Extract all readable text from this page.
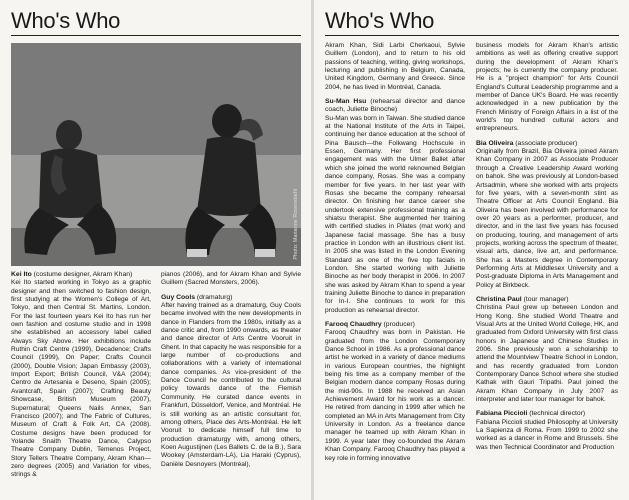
Who's Who
Photo: Marianne Rosenstiehl
Kei Ito (costume designer, Akram Khan)

Kei Ito started working in Tokyo as a graphic designer and then switched to fashion design, first studying at the Women's College of Art, Tokyo, and then Central St. Martins, London. For the last fourteen years Kei Ito has run her own fashion and costume studio and in 1998 she established an accessory label called Always Sky Above. Her exhibitions include Ruthin Craft Centre (1999), Decadence; Crafts Council (1999), On Paper; Crafts Council (2000), Double Vision; Japan Embassy (2003), Import Export; British Council, V&A (2004); Centro de Artesania e Deseno, Spain (2005); Avantcraft, Spain (2007); Crafting Beauty Showcase, British Museum (2007), Supernatural; Queens Nails Annex, San Francisco (2007); and The Fabric of Cultures, Museum of Craft & Folk Art, CA (2008). Costume designs have been produced for Yolande Snaith Theatre Dance, Calypso Theatre Company Dublin, Temenos Project, Story Tellers Theatre Company, Akram Khan—zero degrees (2005) and Variation for vibes, strings &

pianos (2006), and for Akram Khan and Sylvie Guillem (Sacred Monsters, 2006).

Guy Cools (dramaturg)

After having trained as a dramaturg, Guy Cools became involved with the new developments in dance in Flanders from the 1980s, initially as a dance critic and, from 1990 onwards, as theater and dance director of Arts Centre Vooruit in Ghent. In that capacity he was responsible for a large number of co-productions and collaborations with a variety of international dance companies. As vice-president of the Dance Council he contributed to the cultural policy towards dance of the Flemish Community. He curated dance events in Frankfurt, Düsseldorf, Venice, and Montréal. He is still working as an artistic consultant for, among others, Place des Arts-Montréal. He left Vooruit to dedicate himself full time to production dramaturgy with, among others, Koen Augustijnen (Les Ballets C. de la B.), Sara Wookey (Amsterdam-LA), Lia Haraki (Cyprus), Danièle Desnoyers (Montréal),

Who's Who

Akram Khan, Sidi Larbi Cherkaoui, Sylvie Guillem (London), and to return to his old passions of teaching, writing, giving workshops, lecturing and publishing in Belgium, Canada, United Kingdom, Germany and Greece. Since 2004, he has lived in Montréal, Canada.

Su-Man Hsu (rehearsal director and dance coach, Juliette Binoche)

Su-Man was born in Taiwan. She studied dance at the National Institute of the Arts in Taipei, continuing her dance education at the school of Pina Bausch—the Folkwang Hochscule in Essen, Germany. Her first professional engagement was with the Ulmer Ballet after which she joined the world reknowned Belgian dance company, Rosas. She was a company member for five years. In her last year with Rosas she became the company rehearsal director. On finishing her dance career she undertook extensive professional training as a shiatsu therapist. She augmented her training with certified studies in Pilates (mat work) and Japanese facial massage. She has a busy practice in London with an illustrious client list. In 2005 she was listed in the London Evening Standard as one of the five top facials in London. She started working with Juliette Binoche as her body therapist in 2006. In 2007 she was asked by Akram Khan to spend a year training Juliette Binoche to dance in preparation for In-I. She continues to work for this production as rehearsal director.

Farooq Chaudhry (producer)

Farooq Chaudhry was born in Pakistan. He graduated from the London Contemporary Dance School in 1986. As a professional dance artist he worked in a variety of dance mediums in various European countries, the highlight being his time as a company member of the Belgian modern dance company Rosas during the mid-90s. In 1988 he received an Asian Achievement Award for his work as a dancer. He retired from dancing in 1999 after which he completed an MA in Arts Management from City University in London. As a freelance dance manager he teamed up with Akram Khan in 1999. A year later they co-founded the Akram Khan Company. Farooq Chaudhry has played a key role in forming innovative

business models for Akram Khan's artistic ambitions as well as offering creative support during the development of Akram Khan's projects; he is currently the company producer. He is a "project champion" for Arts Council England's Cultural Leadership programme and a member of Dance UK's Board. He was recently acknowledged in a new publication by the French Ministry of Foreign Affairs in a list of the world's top hundred cultural actors and entrepreneurs.

Bia Oliveira (associate producer)

Originally from Brazil, Bia Oliveira joined Akram Khan Company in 2007 as Associate Producer through a Creative Leadership Award working on bahok. She was previously at London-based Artsadmin, where she worked with arts projects for five years, with a seven-month stint as Theatre Officer at Arts Council England. Bia Oliveira has been involved with performance for over 20 years as a performer, producer, and director, and in the last five years has focused on producing, touring, and management of arts projects, working across the spectrum of theater, visual arts, dance, live art, and performance. She has a Masters degree in Contemporary Performing Arts at Middlesex University and a Post-graduate Diploma in Arts Management and Policy at Birkbeck.

Christina Paul (tour manager)

Christina Paul grew up between London and Hong Kong. She studied World Theatre and Visual Arts at the United World College, HK, and graduated from Oxford University with first class honors in Japanese and Chinese Studies in 2006. She previously won a scholarship to attend the Mountview Theatre School in London, and has recently graduated from London Contemporary Dance School where she studied Kathak with Gauri Tripathi. Paul joined the Akram Khan Company in July 2007 as interpreter and later tour manager for bahok.

Fabiana Piccioli (technical director)

Fabiana Piccioli studied Philosophy at University La Sapienza di Roma. From 1999 to 2002 she worked as a dancer in Rome and Brussels. She was then Technical Coordinator and Production
